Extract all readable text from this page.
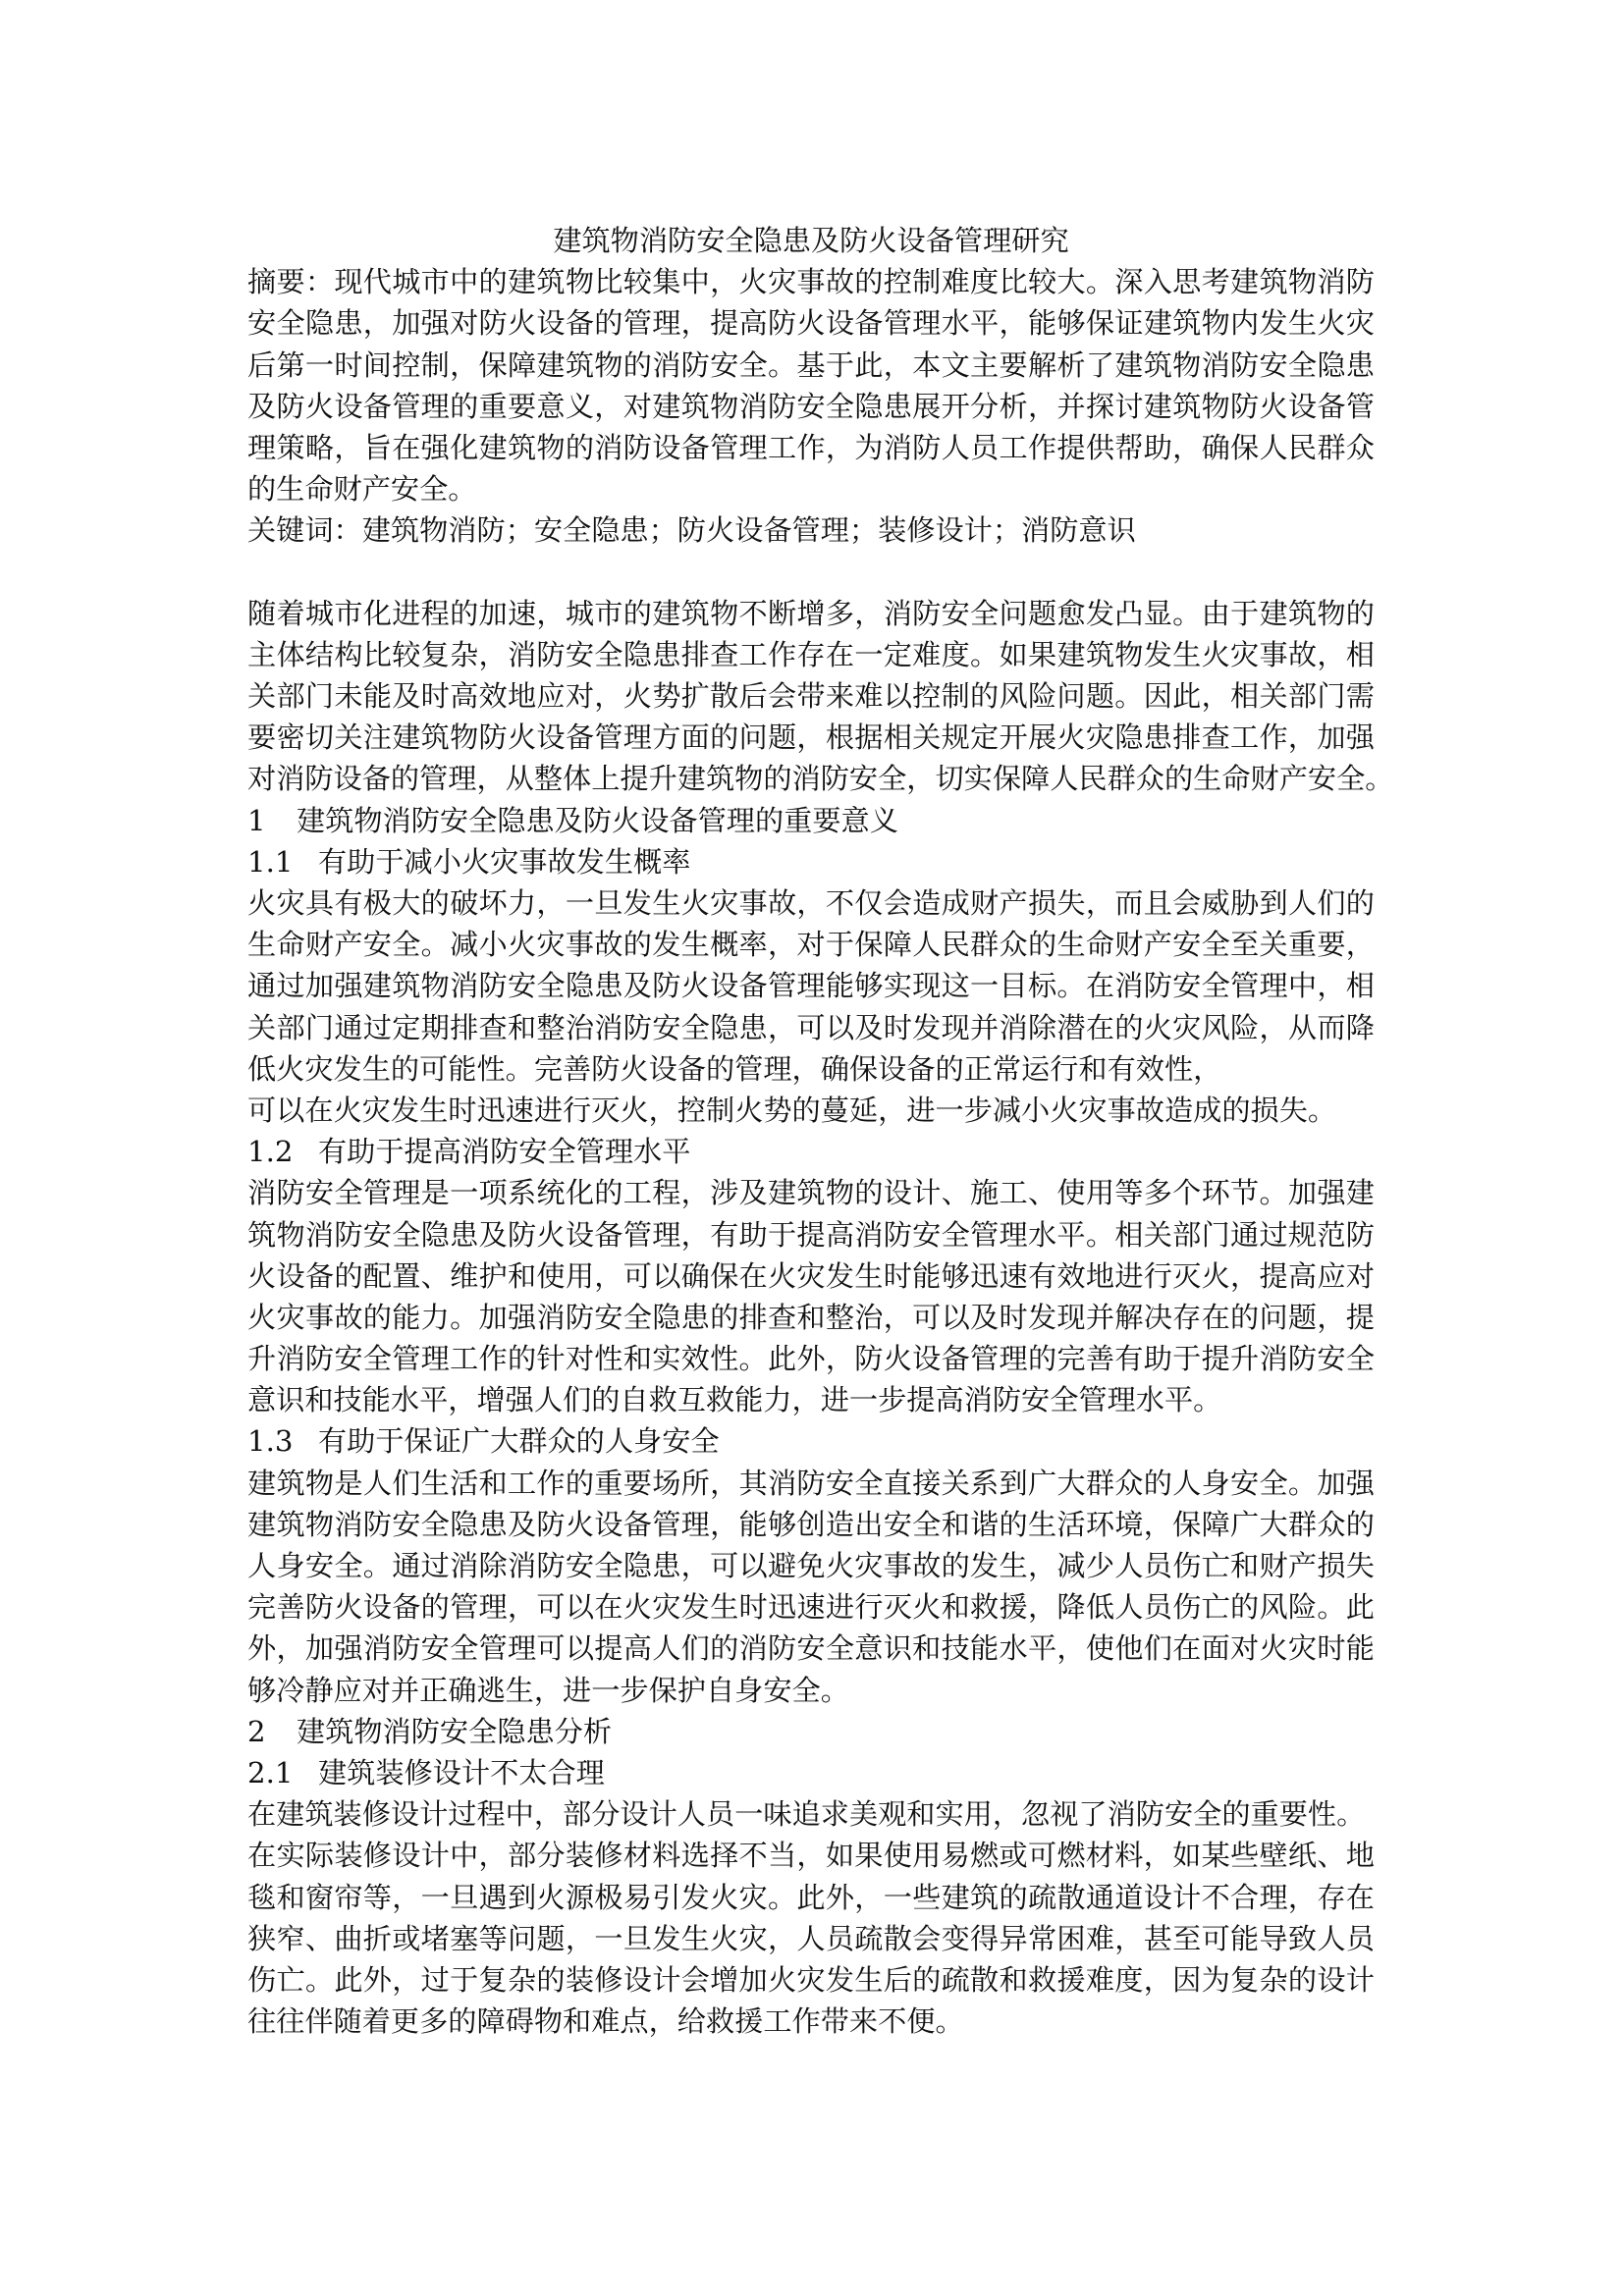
建筑物消防安全隐患及防火设备管理研究
摘要：现代城市中的建筑物比较集中，火灾事故的控制难度比较大。深入思考建筑物消防
安全隐患，加强对防火设备的管理，提高防火设备管理水平，能够保证建筑物内发生火灾
后第一时间控制，保障建筑物的消防安全。基于此，本文主要解析了建筑物消防安全隐患
及防火设备管理的重要意义，对建筑物消防安全隐患展开分析，并探讨建筑物防火设备管
理策略，旨在强化建筑物的消防设备管理工作，为消防人员工作提供帮助，确保人民群众
的生命财产安全。
关键词：建筑物消防；安全隐患；防火设备管理；装修设计；消防意识
随着城市化进程的加速，城市的建筑物不断增多，消防安全问题愈发凸显。由于建筑物的
主体结构比较复杂，消防安全隐患排查工作存在一定难度。如果建筑物发生火灾事故，相
关部门未能及时高效地应对，火势扩散后会带来难以控制的风险问题。因此，相关部门需
要密切关注建筑物防火设备管理方面的问题，根据相关规定开展火灾隐患排查工作，加强
对消防设备的管理，从整体上提升建筑物的消防安全，切实保障人民群众的生命财产安全。
1 建筑物消防安全隐患及防火设备管理的重要意义
1.1 有助于减小火灾事故发生概率
火灾具有极大的破坏力，一旦发生火灾事故，不仅会造成财产损失，而且会威胁到人们的
生命财产安全。减小火灾事故的发生概率，对于保障人民群众的生命财产安全至关重要，
通过加强建筑物消防安全隐患及防火设备管理能够实现这一目标。在消防安全管理中，相
关部门通过定期排查和整治消防安全隐患，可以及时发现并消除潜在的火灾风险，从而降
低火灾发生的可能性。完善防火设备的管理，确保设备的正常运行和有效性，
可以在火灾发生时迅速进行灭火，控制火势的蔓延，进一步减小火灾事故造成的损失。
1.2 有助于提高消防安全管理水平
消防安全管理是一项系统化的工程，涉及建筑物的设计、施工、使用等多个环节。加强建
筑物消防安全隐患及防火设备管理，有助于提高消防安全管理水平。相关部门通过规范防
火设备的配置、维护和使用，可以确保在火灾发生时能够迅速有效地进行灭火，提高应对
火灾事故的能力。加强消防安全隐患的排查和整治，可以及时发现并解决存在的问题，提
升消防安全管理工作的针对性和实效性。此外，防火设备管理的完善有助于提升消防安全
意识和技能水平，增强人们的自救互救能力，进一步提高消防安全管理水平。
1.3 有助于保证广大群众的人身安全
建筑物是人们生活和工作的重要场所，其消防安全直接关系到广大群众的人身安全。加强
建筑物消防安全隐患及防火设备管理，能够创造出安全和谐的生活环境，保障广大群众的
人身安全。通过消除消防安全隐患，可以避免火灾事故的发生，减少人员伤亡和财产损失
完善防火设备的管理，可以在火灾发生时迅速进行灭火和救援，降低人员伤亡的风险。此
外，加强消防安全管理可以提高人们的消防安全意识和技能水平，使他们在面对火灾时能
够冷静应对并正确逃生，进一步保护自身安全。
2 建筑物消防安全隐患分析
2.1 建筑装修设计不太合理
在建筑装修设计过程中，部分设计人员一味追求美观和实用，忽视了消防安全的重要性。
在实际装修设计中，部分装修材料选择不当，如果使用易燃或可燃材料，如某些壁纸、地
毯和窗帘等，一旦遇到火源极易引发火灾。此外，一些建筑的疏散通道设计不合理，存在
狭窄、曲折或堵塞等问题，一旦发生火灾，人员疏散会变得异常困难，甚至可能导致人员
伤亡。此外，过于复杂的装修设计会增加火灾发生后的疏散和救援难度，因为复杂的设计
往往伴随着更多的障碍物和难点，给救援工作带来不便。
